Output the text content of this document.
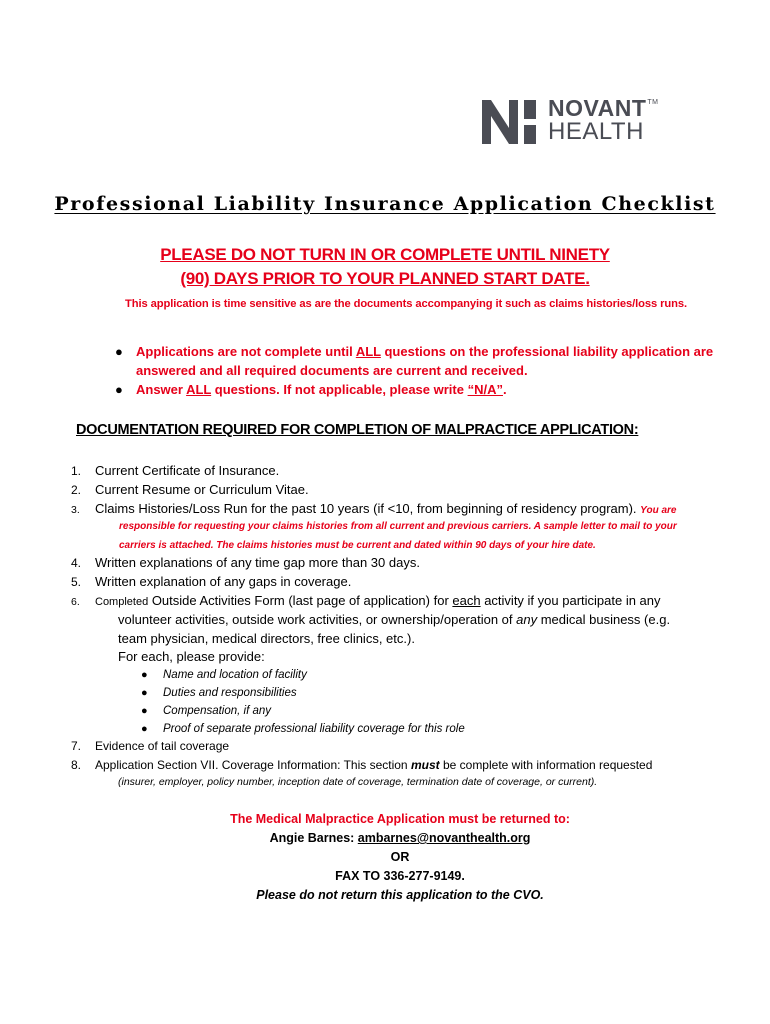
NOVANT™
HEALTH
Professional Liability Insurance Application Checklist
PLEASE DO NOT TURN IN OR COMPLETE UNTIL NINETY
(90) DAYS PRIOR TO YOUR PLANNED START DATE.
This application is time sensitive as are the documents accompanying it such as claims histories/loss runs.
● Applications are not complete until ALL questions on the professional liability application are
answered and all required documents are current and received.
● Answer ALL questions. If not applicable, please write “N/A”.
DOCUMENTATION REQUIRED FOR COMPLETION OF MALPRACTICE APPLICATION:
1. Current Certificate of Insurance.
2. Current Resume or Curriculum Vitae.
3. Claims Histories/Loss Run for the past 10 years (if <10, from beginning of residency program). You are
responsible for requesting your claims histories from all current and previous carriers. A sample letter to mail to your
carriers is attached. The claims histories must be current and dated within 90 days of your hire date.
4. Written explanations of any time gap more than 30 days.
5. Written explanation of any gaps in coverage.
6. Completed Outside Activities Form (last page of application) for each activity if you participate in any
volunteer activities, outside work activities, or ownership/operation of any medical business (e.g.
team physician, medical directors, free clinics, etc.).
For each, please provide:
● Name and location of facility
● Duties and responsibilities
● Compensation, if any
● Proof of separate professional liability coverage for this role
7. Evidence of tail coverage
8. Application Section VII. Coverage Information: This section must be complete with information requested
(insurer, employer, policy number, inception date of coverage, termination date of coverage, or current).
The Medical Malpractice Application must be returned to:
Angie Barnes: ambarnes@novanthealth.org
OR
FAX TO 336-277-9149.
Please do not return this application to the CVO.
